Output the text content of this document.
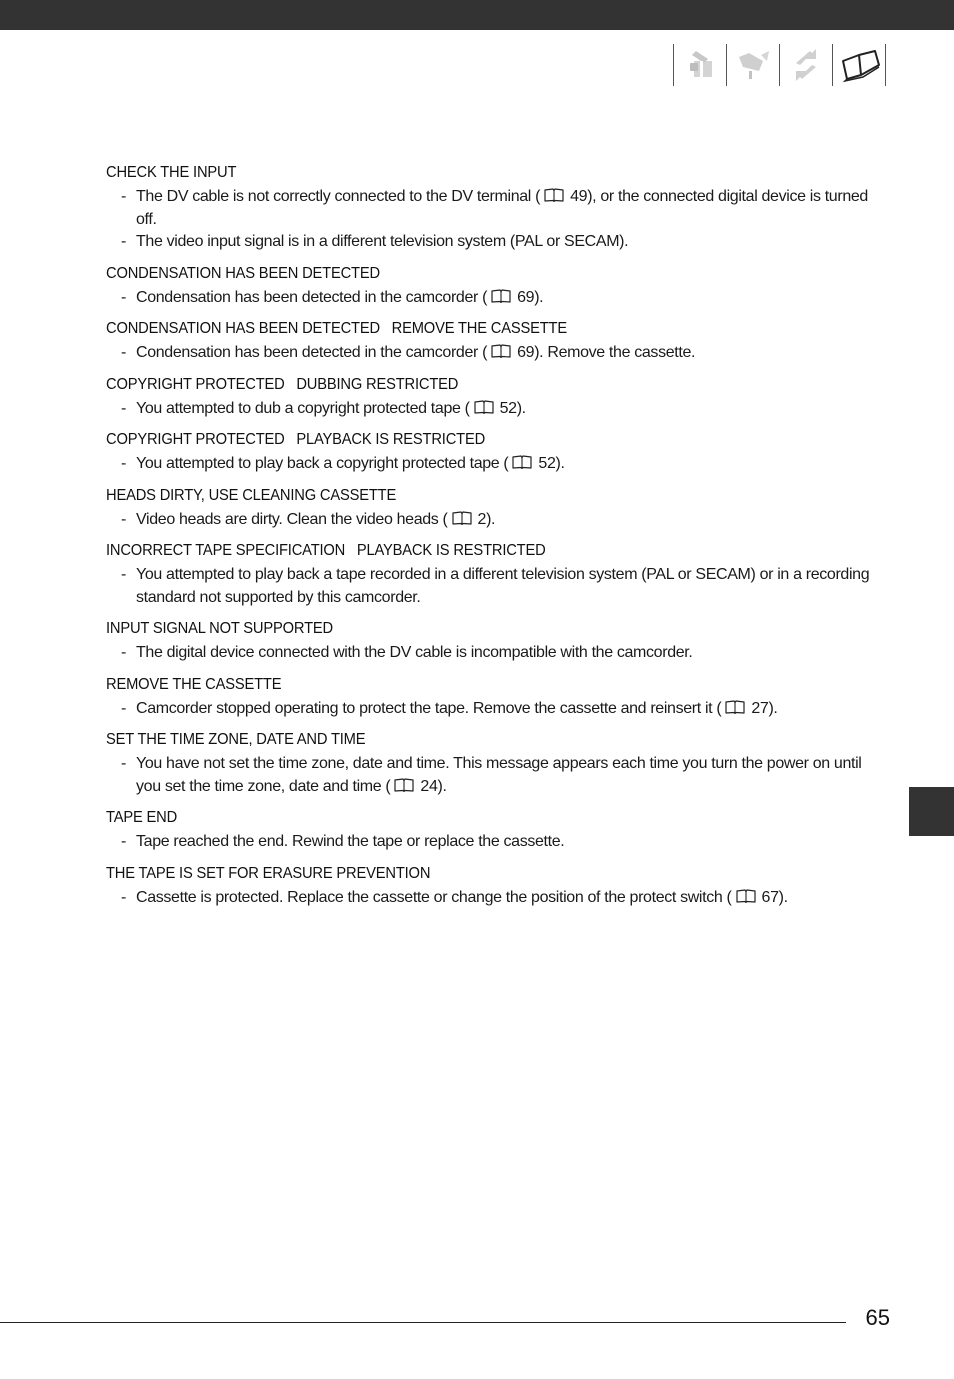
CHECK THE INPUT

- The DV cable is not correctly connected to the DV terminal ( 49), or the connected digital device is turned off.

- The video input signal is in a different television system (PAL or SECAM).

CONDENSATION HAS BEEN DETECTED

- Condensation has been detected in the camcorder ( 69).

CONDENSATION HAS BEEN DETECTED   REMOVE THE CASSETTE

- Condensation has been detected in the camcorder ( 69). Remove the cassette.

COPYRIGHT PROTECTED   DUBBING RESTRICTED

- You attempted to dub a copyright protected tape ( 52).

COPYRIGHT PROTECTED   PLAYBACK IS RESTRICTED

- You attempted to play back a copyright protected tape ( 52).

HEADS DIRTY, USE CLEANING CASSETTE

- Video heads are dirty. Clean the video heads ( 2).

INCORRECT TAPE SPECIFICATION   PLAYBACK IS RESTRICTED

- You attempted to play back a tape recorded in a different television system (PAL or SECAM) or in a recording standard not supported by this camcorder.

INPUT SIGNAL NOT SUPPORTED

- The digital device connected with the DV cable is incompatible with the camcorder.

REMOVE THE CASSETTE

- Camcorder stopped operating to protect the tape. Remove the cassette and reinsert it ( 27).

SET THE TIME ZONE, DATE AND TIME

- You have not set the time zone, date and time. This message appears each time you turn the power on until you set the time zone, date and time ( 24).

TAPE END

- Tape reached the end. Rewind the tape or replace the cassette.

THE TAPE IS SET FOR ERASURE PREVENTION

- Cassette is protected. Replace the cassette or change the position of the protect switch ( 67).

65
